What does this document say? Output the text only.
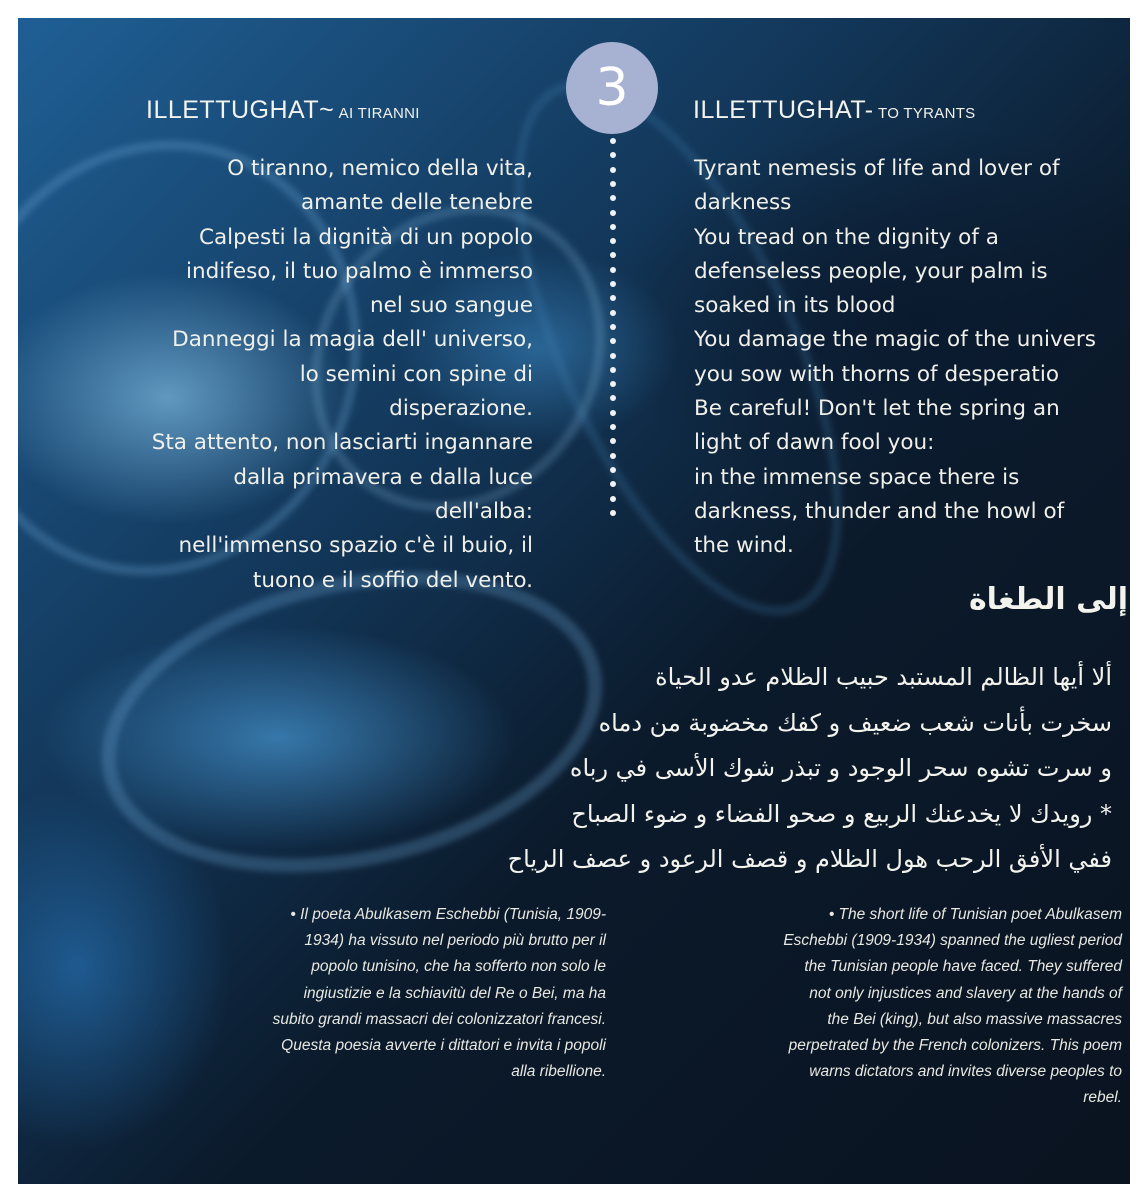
3
ILLETTUGHAT~ AI TIRANNI	ILLETTUGHAT- TO TYRANTS
O tiranno, nemico della vita,
amante delle tenebre
Calpesti la dignità di un popolo
indifeso, il tuo palmo è immerso
nel suo sangue
Danneggi la magia dell' universo,
lo semini con spine di
disperazione.
Sta attento, non lasciarti ingannare
dalla primavera e dalla luce
dell'alba:
nell'immenso spazio c'è il buio, il
tuono e il soffio del vento.
Tyrant nemesis of life and lover of
darkness
You tread on the dignity of a
defenseless people, your palm is
soaked in its blood
You damage the magic of the univers
you sow with thorns of desperatio
Be careful! Don't let the spring an
light of dawn fool you:
in the immense space there is
darkness, thunder and the howl of
the wind.
إلى الطغاة
ألا أيها الظالم المستبد حبيب الظلام عدو الحياة
سخرت بأنات شعب ضعيف و كفك مخضوبة من دماه
و سرت تشوه سحر الوجود و تبذر شوك الأسى في رباه
* رويدك لا يخدعنك الربيع و صحو الفضاء و ضوء الصباح
ففي الأفق الرحب هول الظلام و قصف الرعود و عصف الرياح
• Il poeta Abulkasem Eschebbi (Tunisia, 1909-
1934) ha vissuto nel periodo più brutto per il
popolo tunisino, che ha sofferto non solo le
ingiustizie e la schiavitù del Re o Bei, ma ha
subito grandi massacri dei colonizzatori francesi.
Questa poesia avverte i dittatori e invita i popoli
alla ribellione.
• The short life of Tunisian poet Abulkasem
Eschebbi (1909-1934) spanned the ugliest period
the Tunisian people have faced. They suffered
not only injustices and slavery at the hands of
the Bei (king), but also massive massacres
perpetrated by the French colonizers. This poem
warns dictators and invites diverse peoples to
rebel.
